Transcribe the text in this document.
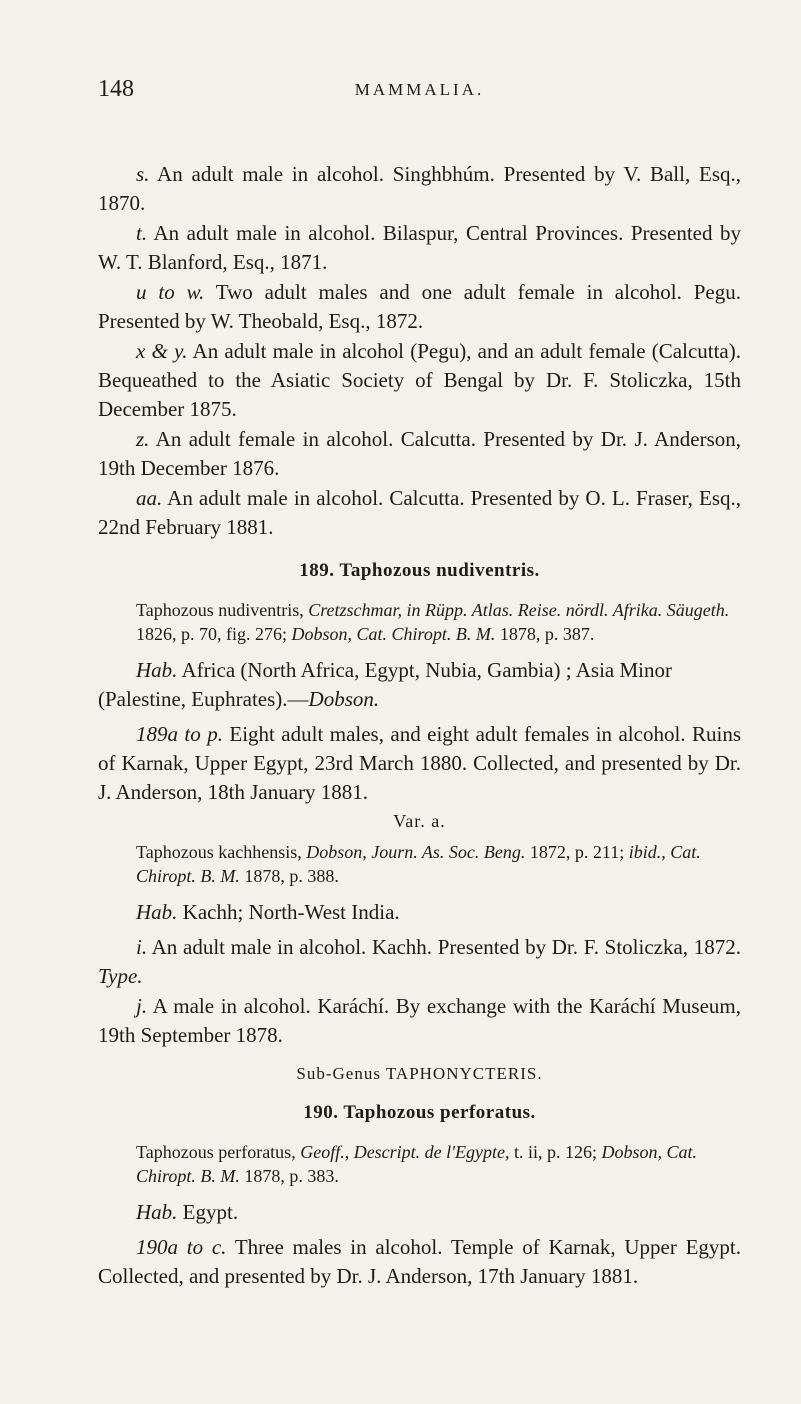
148	MAMMALIA.

s. An adult male in alcohol. Singhbhúm. Presented by V. Ball, Esq., 1870.

t. An adult male in alcohol. Bilaspur, Central Provinces. Presented by W. T. Blanford, Esq., 1871.

u to w. Two adult males and one adult female in alcohol. Pegu. Presented by W. Theobald, Esq., 1872.

x & y. An adult male in alcohol (Pegu), and an adult female (Calcutta). Bequeathed to the Asiatic Society of Bengal by Dr. F. Stoliczka, 15th December 1875.

z. An adult female in alcohol. Calcutta. Presented by Dr. J. Anderson, 19th December 1876.

aa. An adult male in alcohol. Calcutta. Presented by O. L. Fraser, Esq., 22nd February 1881.

189. Taphozous nudiventris.

Taphozous nudiventris, Cretzschmar, in Rüpp. Atlas. Reise. nördl. Afrika. Säugeth. 1826, p. 70, fig. 276; Dobson, Cat. Chiropt. B. M. 1878, p. 387.

Hab. Africa (North Africa, Egypt, Nubia, Gambia) ; Asia Minor (Palestine, Euphrates).—Dobson.

189a to p. Eight adult males, and eight adult females in alcohol. Ruins of Karnak, Upper Egypt, 23rd March 1880. Collected, and presented by Dr. J. Anderson, 18th January 1881.

Var. a.

Taphozous kachhensis, Dobson, Journ. As. Soc. Beng. 1872, p. 211; ibid., Cat. Chiropt. B. M. 1878, p. 388.

Hab. Kachh; North-West India.

i. An adult male in alcohol. Kachh. Presented by Dr. F. Stoliczka, 1872. Type.

j. A male in alcohol. Karáchí. By exchange with the Karáchí Museum, 19th September 1878.

Sub-Genus TAPHONYCTERIS.
190. Taphozous perforatus.

Taphozous perforatus, Geoff., Descript. de l'Egypte, t. ii, p. 126; Dobson, Cat. Chiropt. B. M. 1878, p. 383.

Hab. Egypt.

190a to c. Three males in alcohol. Temple of Karnak, Upper Egypt. Collected, and presented by Dr. J. Anderson, 17th January 1881.
